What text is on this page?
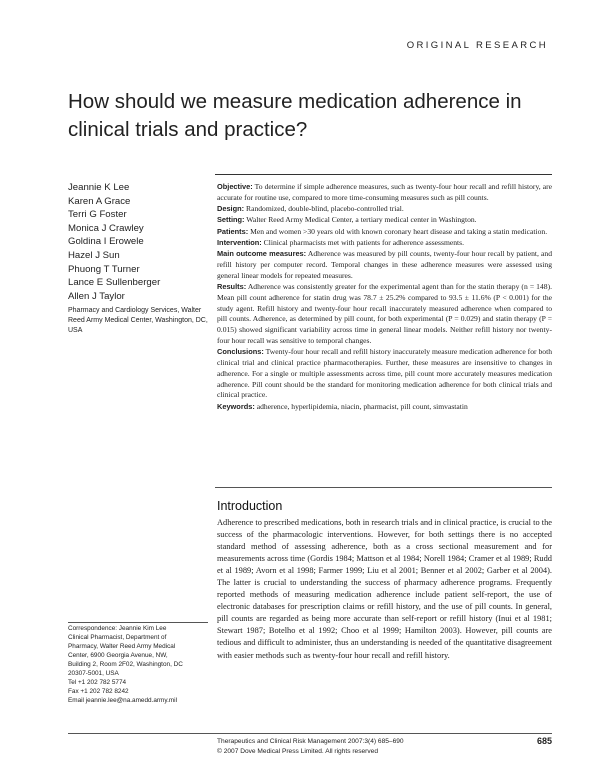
ORIGINAL RESEARCH
How should we measure medication adherence in clinical trials and practice?
Jeannie K Lee
Karen A Grace
Terri G Foster
Monica J Crawley
Goldina I Erowele
Hazel J Sun
Phuong T Turner
Lance E Sullenberger
Allen J Taylor
Pharmacy and Cardiology Services, Walter Reed Army Medical Center, Washington, DC, USA

Objective: To determine if simple adherence measures, such as twenty-four hour recall and refill history, are accurate for routine use, compared to more time-consuming measures such as pill counts.

Design: Randomized, double-blind, placebo-controlled trial.

Setting: Walter Reed Army Medical Center, a tertiary medical center in Washington.

Patients: Men and women >30 years old with known coronary heart disease and taking a statin medication.

Intervention: Clinical pharmacists met with patients for adherence assessments.

Main outcome measures: Adherence was measured by pill counts, twenty-four hour recall by patient, and refill history per computer record. Temporal changes in these adherence measures were assessed using general linear models for repeated measures.

Results: Adherence was consistently greater for the experimental agent than for the statin therapy (n = 148). Mean pill count adherence for statin drug was 78.7 ± 25.2% compared to 93.5 ± 11.6% (P < 0.001) for the study agent. Refill history and twenty-four hour recall inaccurately measured adherence when compared to pill counts. Adherence, as determined by pill count, for both experimental (P = 0.029) and statin therapy (P = 0.015) showed significant variability across time in general linear models. Neither refill history nor twenty-four hour recall was sensitive to temporal changes.

Conclusions: Twenty-four hour recall and refill history inaccurately measure medication adherence for both clinical trial and clinical practice pharmacotherapies. Further, these measures are insensitive to changes in adherence. For a single or multiple assessments across time, pill count more accurately measures medication adherence. Pill count should be the standard for monitoring medication adherence for both clinical trials and clinical practice.

Keywords: adherence, hyperlipidemia, niacin, pharmacist, pill count, simvastatin

Introduction

Adherence to prescribed medications, both in research trials and in clinical practice, is crucial to the success of the pharmacologic interventions. However, for both settings there is no accepted standard method of assessing adherence, both as a cross sectional measurement and for measurements across time (Gordis 1984; Mattson et al 1984; Norell 1984; Cramer et al 1989; Rudd et al 1989; Avorn et al 1998; Farmer 1999; Liu et al 2001; Benner et al 2002; Garber et al 2004). The latter is crucial to understanding the success of pharmacy adherence programs. Frequently reported methods of measuring medication adherence include patient self-report, the use of electronic databases for prescription claims or refill history, and the use of pill counts. In general, pill counts are regarded as being more accurate than self-report or refill history (Inui et al 1981; Stewart 1987; Botelho et al 1992; Choo et al 1999; Hamilton 2003). However, pill counts are tedious and difficult to administer, thus an understanding is needed of the quantitative disagreement with easier methods such as twenty-four hour recall and refill history.

Correspondence: Jeannie Kim Lee
Clinical Pharmacist, Department of
Pharmacy, Walter Reed Army Medical
Center, 6900 Georgia Avenue, NW,
Building 2, Room 2F02, Washington, DC
20307-5001, USA
Tel +1 202 782 5774
Fax +1 202 782 8242
Email jeannie.lee@na.amedd.army.mil
Therapeutics and Clinical Risk Management 2007:3(4) 685–690
© 2007 Dove Medical Press Limited. All rights reserved
685
